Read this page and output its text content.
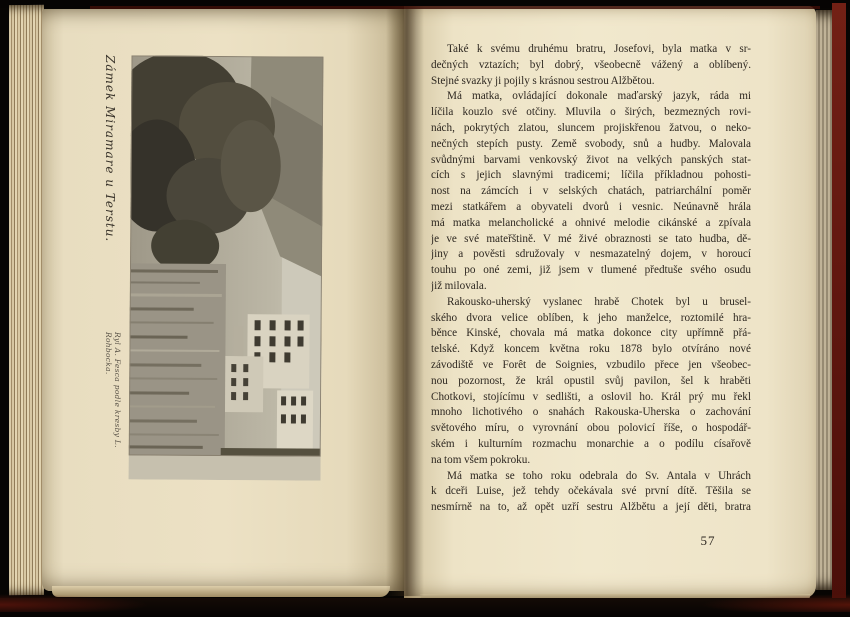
Zámek Miramare u Terstu.
Ryl A. Fesca podle kresby L. Rohbocka.
Také k svému druhému bratru, Josefovi, byla matka v sr-
dečných vztazích; byl dobrý, všeobecně vážený a oblíbený.
Stejné svazky ji pojily s krásnou sestrou Alžbětou.
Má matka, ovládající dokonale maďarský jazyk, ráda mi
líčila kouzlo své otčiny. Mluvila o širých, bezmezných rovi-
nách, pokrytých zlatou, sluncem projiskřenou žatvou, o neko-
nečných stepích pusty. Země svobody, snů a hudby. Malovala
svůdnými barvami venkovský život na velkých panských stat-
cích s jejich slavnými tradicemi; líčila příkladnou pohosti-
nost na zámcích i v selských chatách, patriarchální poměr
mezi statkářem a obyvateli dvorů i vesnic. Neúnavně hrála
má matka melancholické a ohnivé melodie cikánské a zpívala
je ve své mateřštině. V mé živé obraznosti se tato hudba, dě-
jiny a pověsti sdružovaly v nesmazatelný dojem, v horoucí
touhu po oné zemi, již jsem v tlumené předtuše svého osudu
již milovala.
Rakousko-uherský vyslanec hrabě Chotek byl u brusel-
ského dvora velice oblíben, k jeho manželce, roztomilé hra-
běnce Kinské, chovala má matka dokonce city upřímně přá-
telské. Když koncem května roku 1878 bylo otvíráno nové
závodiště ve Forêt de Soignies, vzbudilo přece jen všeobec-
nou pozornost, že král opustil svůj pavilon, šel k hraběti
Chotkovi, stojícímu v sedlišti, a oslovil ho. Král prý mu řekl
mnoho lichotivého o snahách Rakouska-Uherska o zachování
světového míru, o vyrovnání obou polovicí říše, o hospodář-
ském i kulturním rozmachu monarchie a o podílu císařově
na tom všem pokroku.
Má matka se toho roku odebrala do Sv. Antala v Uhrách
k dceři Luise, jež tehdy očekávala své první dítě. Těšila se
nesmírně na to, až opět uzří sestru Alžbětu a její děti, bratra
57
